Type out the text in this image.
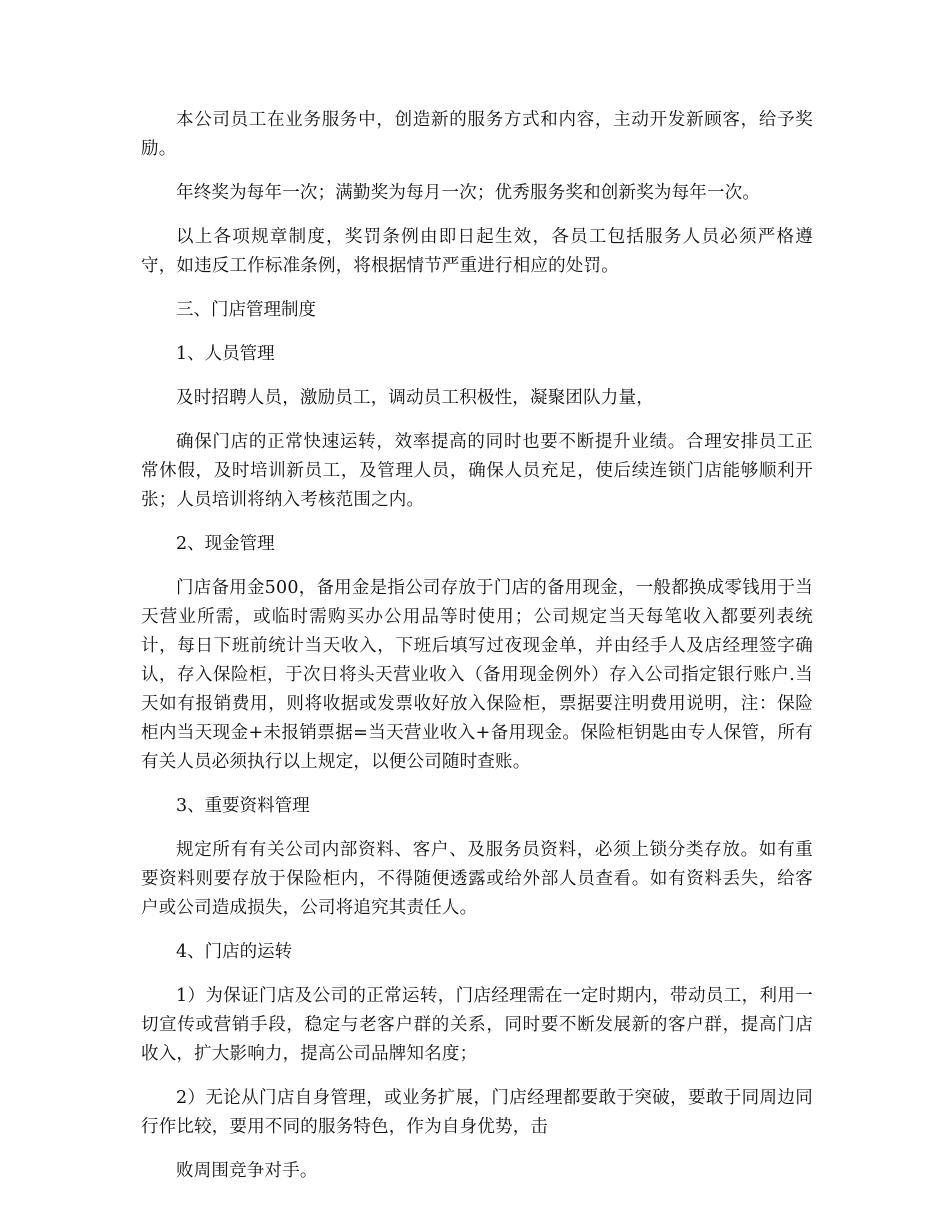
本公司员工在业务服务中，创造新的服务方式和内容，主动开发新顾客，给予奖励。

年终奖为每年一次；满勤奖为每月一次；优秀服务奖和创新奖为每年一次。

以上各项规章制度，奖罚条例由即日起生效，各员工包括服务人员必须严格遵守，如违反工作标准条例，将根据情节严重进行相应的处罚。

三、门店管理制度

1、人员管理

及时招聘人员，激励员工，调动员工积极性，凝聚团队力量，

确保门店的正常快速运转，效率提高的同时也要不断提升业绩。合理安排员工正常休假，及时培训新员工，及管理人员，确保人员充足，使后续连锁门店能够顺利开张；人员培训将纳入考核范围之内。

2、现金管理

门店备用金500，备用金是指公司存放于门店的备用现金，一般都换成零钱用于当天营业所需，或临时需购买办公用品等时使用；公司规定当天每笔收入都要列表统计，每日下班前统计当天收入，下班后填写过夜现金单，并由经手人及店经理签字确认，存入保险柜，于次日将头天营业收入（备用现金例外）存入公司指定银行账户.当天如有报销费用，则将收据或发票收好放入保险柜，票据要注明费用说明，注：保险柜内当天现金+未报销票据=当天营业收入+备用现金。保险柜钥匙由专人保管，所有有关人员必须执行以上规定，以便公司随时查账。

3、重要资料管理

规定所有有关公司内部资料、客户、及服务员资料，必须上锁分类存放。如有重要资料则要存放于保险柜内，不得随便透露或给外部人员查看。如有资料丢失，给客户或公司造成损失，公司将追究其责任人。

4、门店的运转

1）为保证门店及公司的正常运转，门店经理需在一定时期内，带动员工，利用一切宣传或营销手段，稳定与老客户群的关系，同时要不断发展新的客户群，提高门店收入，扩大影响力，提高公司品牌知名度；

2）无论从门店自身管理，或业务扩展，门店经理都要敢于突破，要敢于同周边同行作比较，要用不同的服务特色，作为自身优势，击

败周围竞争对手。
